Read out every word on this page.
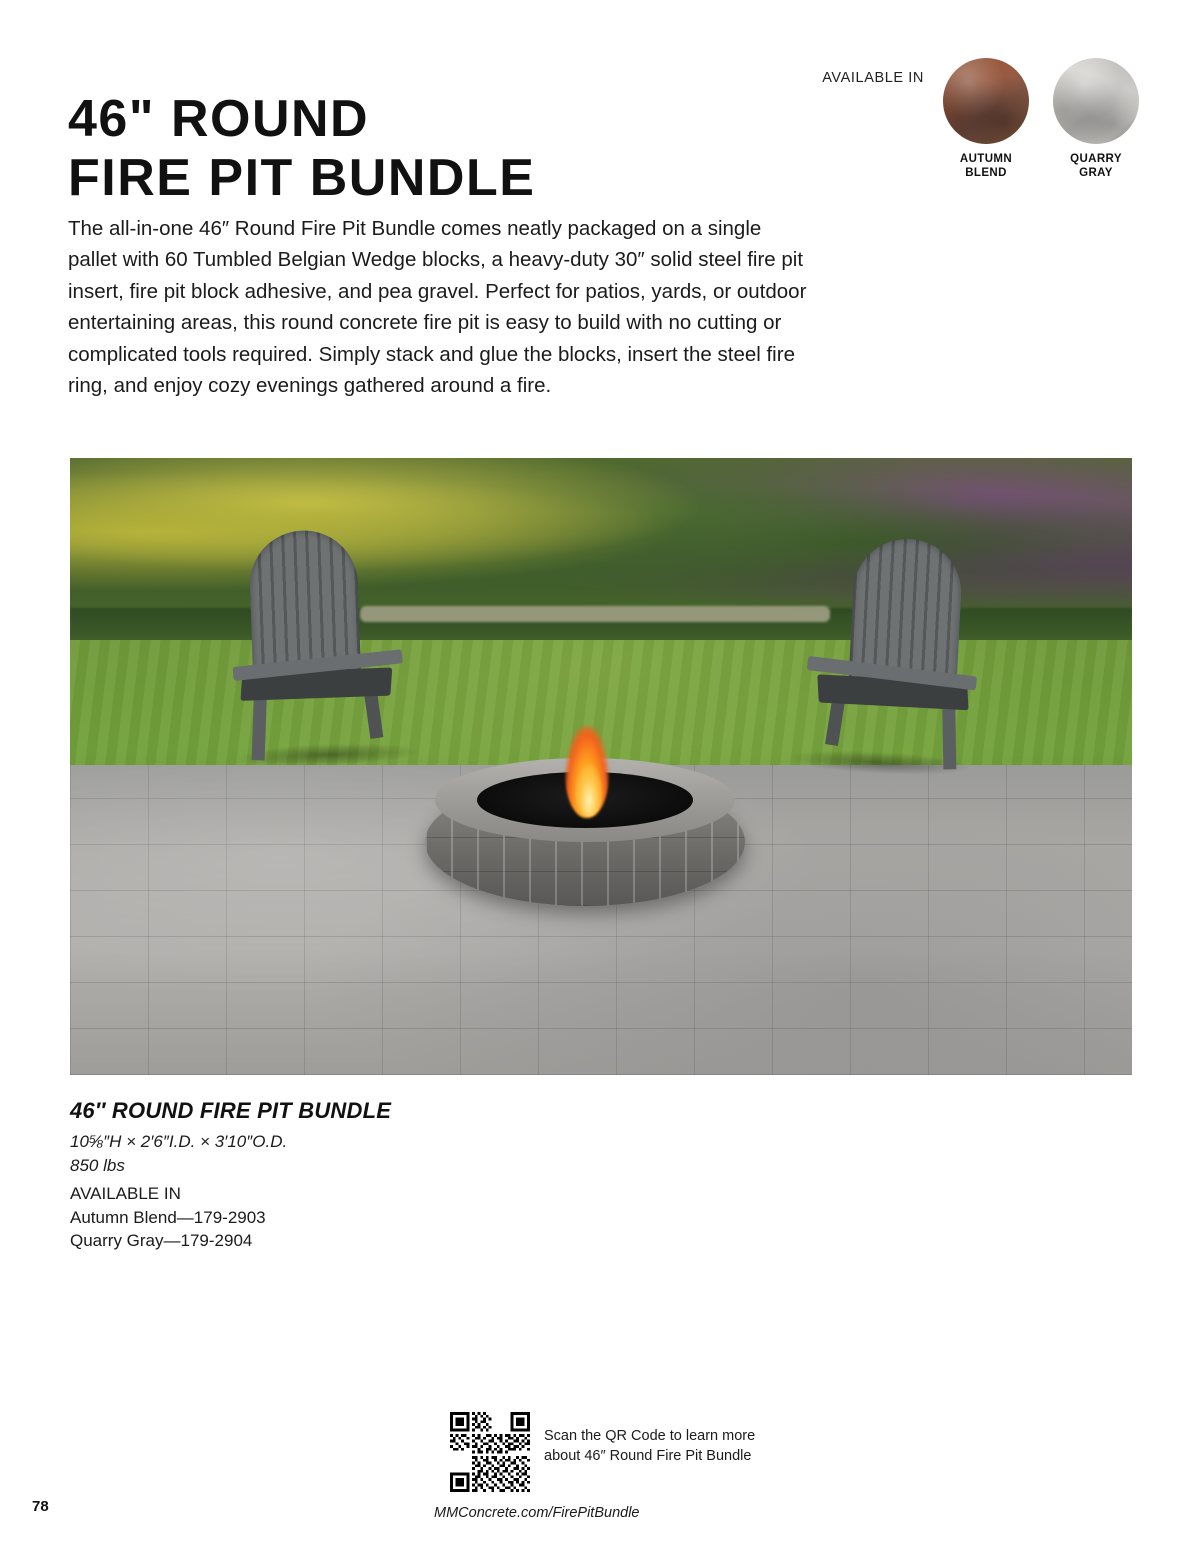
46" ROUND
FIRE PIT BUNDLE
AVAILABLE IN
AUTUMN
BLEND
QUARRY
GRAY

The all-in-one 46″ Round Fire Pit Bundle comes neatly packaged on a single pallet with 60 Tumbled Belgian Wedge blocks, a heavy-duty 30″ solid steel fire pit insert, fire pit block adhesive, and pea gravel. Perfect for patios, yards, or outdoor entertaining areas, this round concrete fire pit is easy to build with no cutting or complicated tools required. Simply stack and glue the blocks, insert the steel fire ring, and enjoy cozy evenings gathered around a fire.

46″ ROUND FIRE PIT BUNDLE
10⅝″H × 2′6″I.D. × 3′10″O.D.
850 lbs
AVAILABLE IN
Autumn Blend—179-2903
Quarry Gray—179-2904
Scan the QR Code to learn more
about 46″ Round Fire Pit Bundle
MMConcrete.com/FirePitBundle
78
